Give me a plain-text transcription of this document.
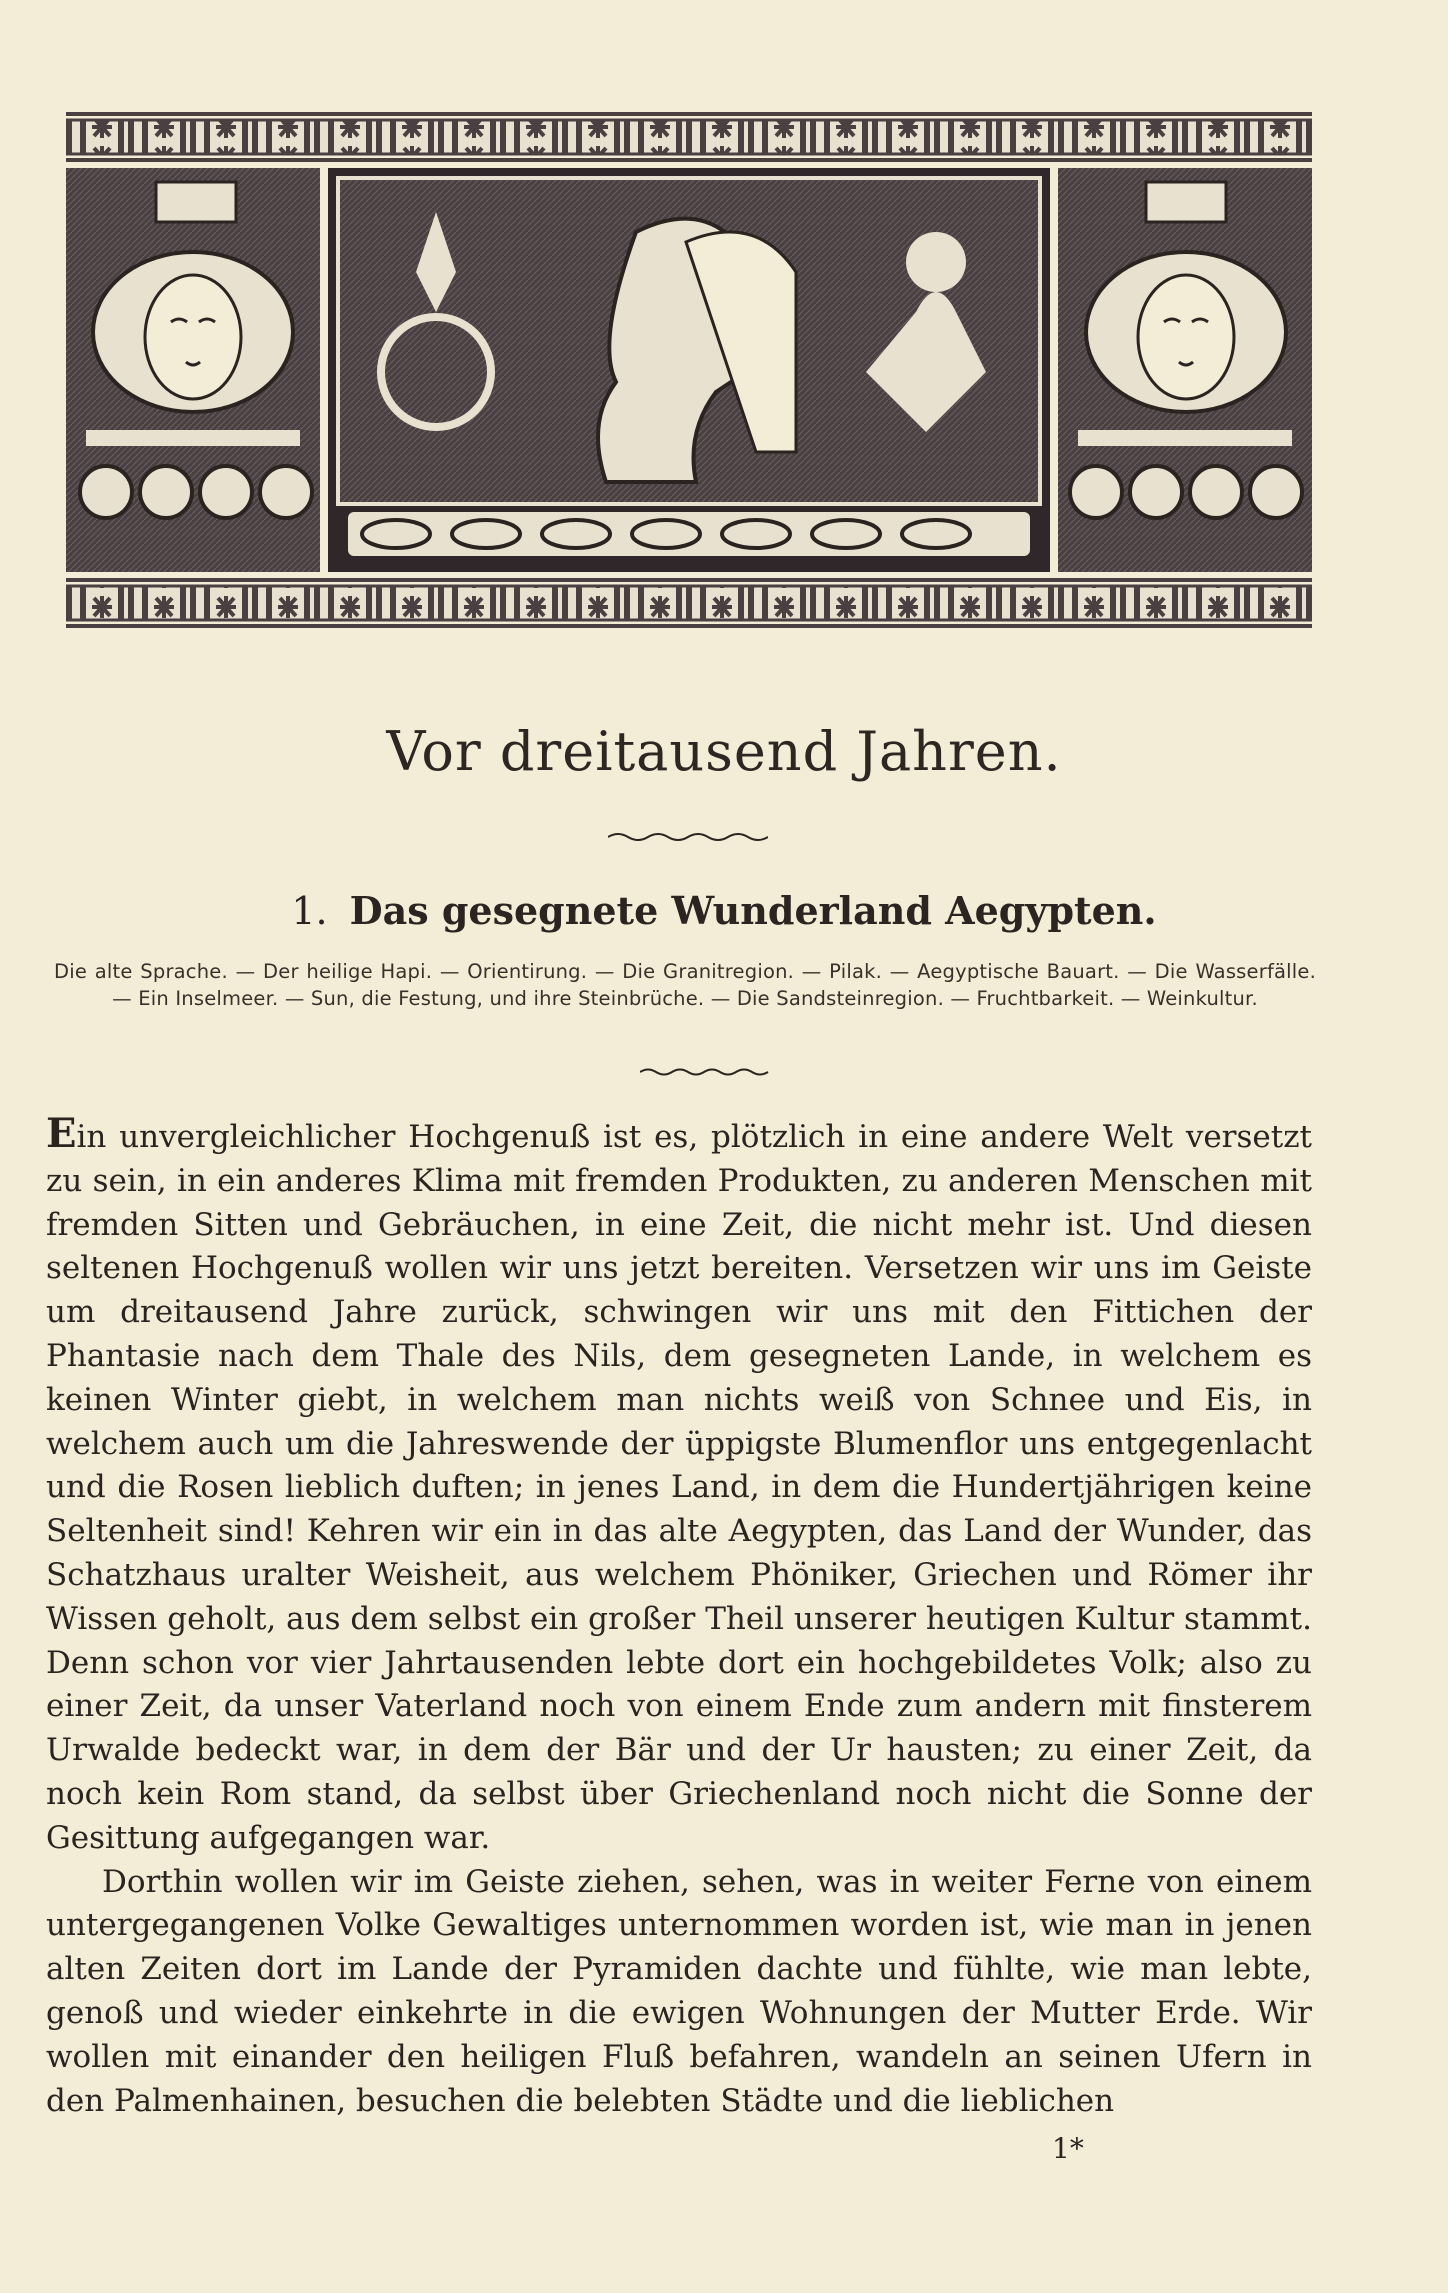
Vor dreitausend Jahren.
1. Das gesegnete Wunderland Aegypten.
Die alte Sprache. — Der heilige Hapi. — Orientirung. — Die Granitregion. — Pilak. — Aegyptische Bauart. — Die Wasserfälle. — Ein Inselmeer. — Sun, die Festung, und ihre Steinbrüche. — Die Sandsteinregion. — Fruchtbarkeit. — Weinkultur.

Ein unvergleichlicher Hochgenuß ist es, plötzlich in eine andere Welt versetzt zu sein, in ein anderes Klima mit fremden Produkten, zu anderen Menschen mit fremden Sitten und Gebräuchen, in eine Zeit, die nicht mehr ist. Und diesen seltenen Hochgenuß wollen wir uns jetzt bereiten. Versetzen wir uns im Geiste um dreitausend Jahre zurück, schwingen wir uns mit den Fittichen der Phantasie nach dem Thale des Nils, dem gesegneten Lande, in welchem es keinen Winter giebt, in welchem man nichts weiß von Schnee und Eis, in welchem auch um die Jahreswende der üppigste Blumenflor uns entgegenlacht und die Rosen lieblich duften; in jenes Land, in dem die Hundertjährigen keine Seltenheit sind! Kehren wir ein in das alte Aegypten, das Land der Wunder, das Schatzhaus uralter Weisheit, aus welchem Phöniker, Griechen und Römer ihr Wissen geholt, aus dem selbst ein großer Theil unserer heutigen Kultur stammt. Denn schon vor vier Jahrtausenden lebte dort ein hochgebildetes Volk; also zu einer Zeit, da unser Vaterland noch von einem Ende zum andern mit finsterem Urwalde bedeckt war, in dem der Bär und der Ur hausten; zu einer Zeit, da noch kein Rom stand, da selbst über Griechenland noch nicht die Sonne der Gesittung aufgegangen war.

Dorthin wollen wir im Geiste ziehen, sehen, was in weiter Ferne von einem untergegangenen Volke Gewaltiges unternommen worden ist, wie man in jenen alten Zeiten dort im Lande der Pyramiden dachte und fühlte, wie man lebte, genoß und wieder einkehrte in die ewigen Wohnungen der Mutter Erde. Wir wollen mit einander den heiligen Fluß befahren, wandeln an seinen Ufern in den Palmenhainen, besuchen die belebten Städte und die lieblichen

1*
